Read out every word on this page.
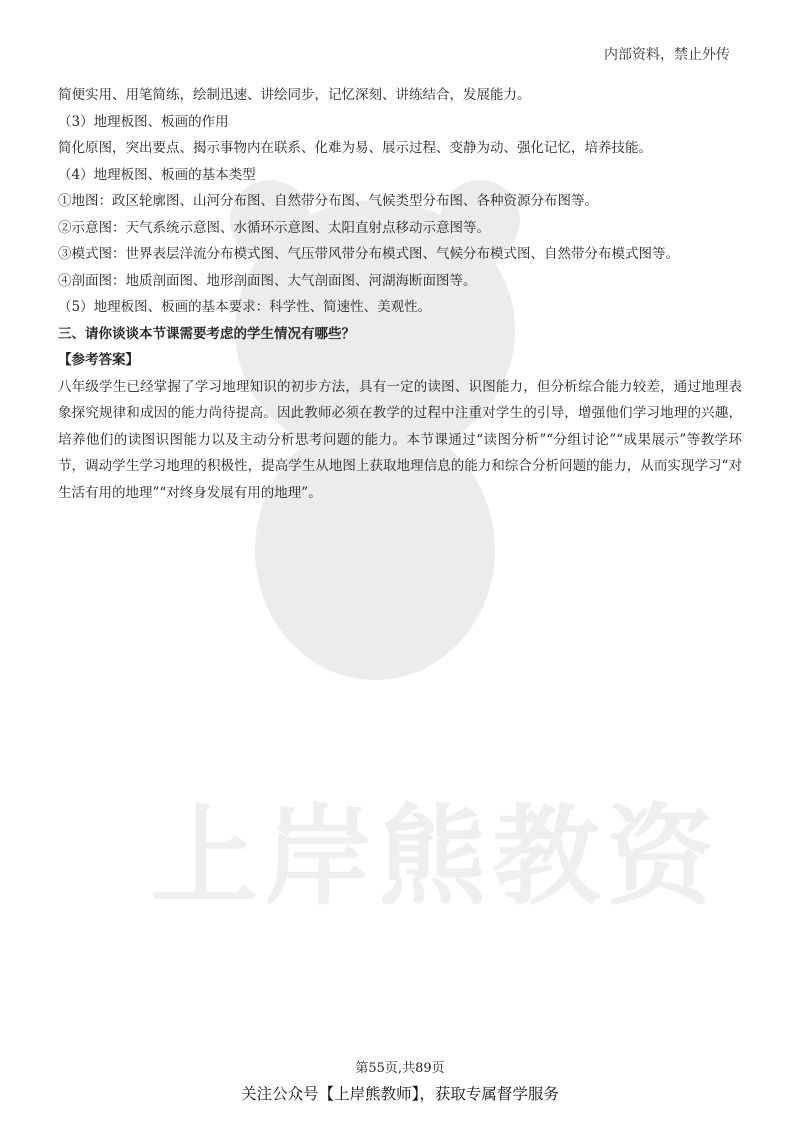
上岸熊教资
内部资料，禁止外传
简便实用、用笔简练，绘制迅速、讲绘同步，记忆深刻、讲练结合，发展能力。
（3）地理板图、板画的作用
简化原图，突出要点、揭示事物内在联系、化难为易、展示过程、变静为动、强化记忆，培养技能。
（4）地理板图、板画的基本类型
①地图：政区轮廓图、山河分布图、自然带分布图、气候类型分布图、各种资源分布图等。
②示意图：天气系统示意图、水循环示意图、太阳直射点移动示意图等。
③模式图：世界表层洋流分布模式图、气压带风带分布模式图、气候分布模式图、自然带分布模式图等。
④剖面图：地质剖面图、地形剖面图、大气剖面图、河湖海断面图等。
（5）地理板图、板画的基本要求：科学性、简速性、美观性。
三、请你谈谈本节课需要考虑的学生情况有哪些？
【参考答案】
八年级学生已经掌握了学习地理知识的初步方法，具有一定的读图、识图能力，但分析综合能力较差，通过地理表象探究规律和成因的能力尚待提高。因此教师必须在教学的过程中注重对学生的引导，增强他们学习地理的兴趣，培养他们的读图识图能力以及主动分析思考问题的能力。本节课通过“读图分析”“分组讨论”“成果展示”等教学环节，调动学生学习地理的积极性，提高学生从地图上获取地理信息的能力和综合分析问题的能力，从而实现学习“对生活有用的地理”“对终身发展有用的地理”。
第55页,共89页
关注公众号【上岸熊教师】，获取专属督学服务
